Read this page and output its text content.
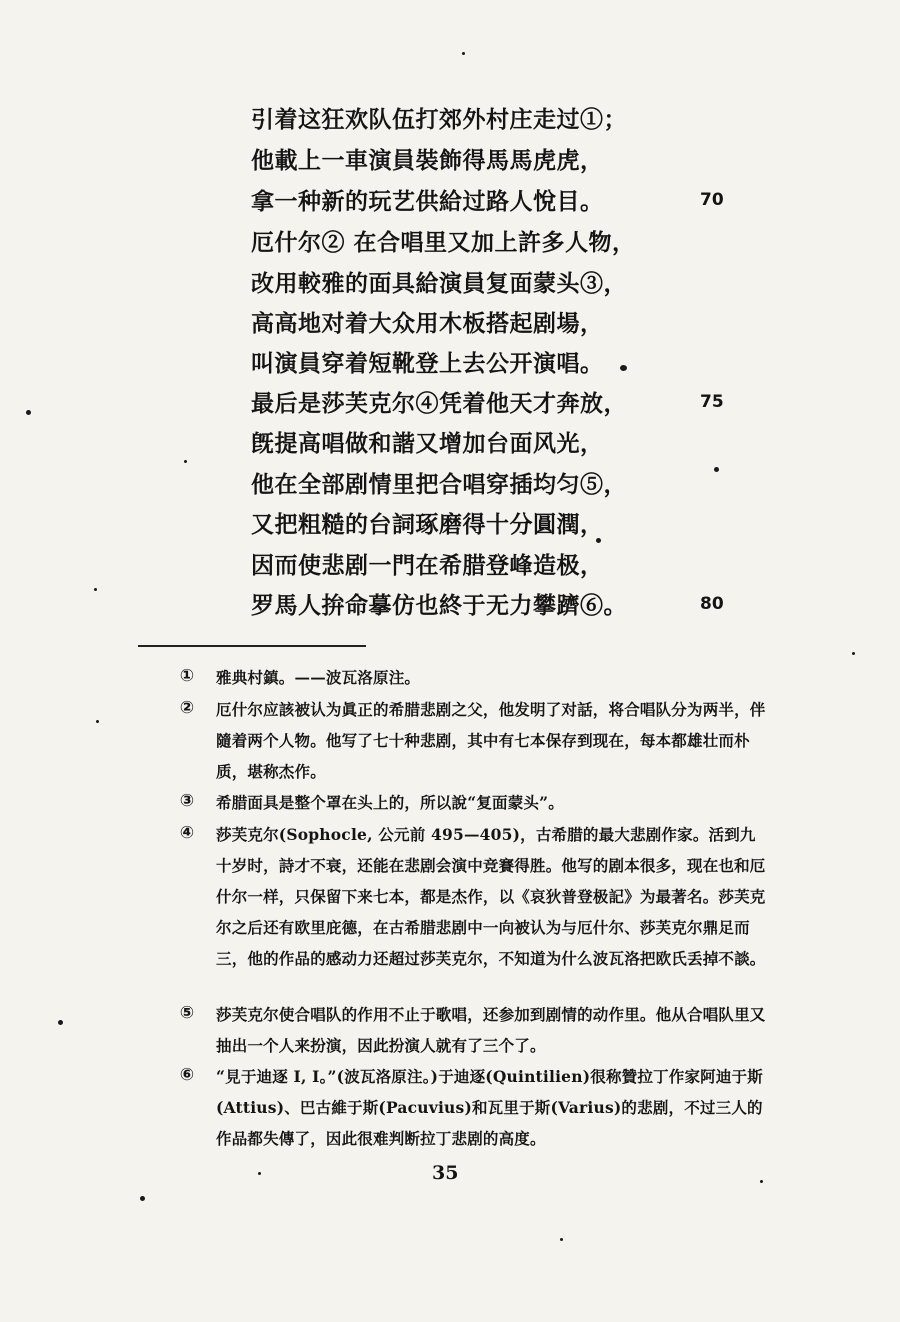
引着这狂欢队伍打郊外村庄走过①；
他載上一車演員裝飾得馬馬虎虎，
拿一种新的玩艺供給过路人悅目。
厄什尔② 在合唱里又加上許多人物，
改用較雅的面具給演員复面蒙头③，
高高地对着大众用木板搭起剧場，
叫演員穿着短靴登上去公开演唱。
最后是莎芙克尔④凭着他天才奔放，
旣提高唱做和諧又增加台面风光，
他在全部剧情里把合唱穿插均匀⑤，
又把粗糙的台詞琢磨得十分圓潤，
因而使悲剧一門在希腊登峰造极，
罗馬人拚命摹仿也終于无力攀躋⑥。
70
75
80
① 雅典村鎮。——波瓦洛原注。
② 厄什尔应該被认为眞正的希腊悲剧之父，他发明了对話，将合唱队分为两半，伴隨着两个人物。他写了七十种悲剧，其中有七本保存到现在，每本都雄壮而朴质，堪称杰作。
③ 希腊面具是整个罩在头上的，所以說“复面蒙头”。
④ 莎芙克尔(Sophocle, 公元前 495—405)，古希腊的最大悲剧作家。活到九十岁时，詩才不衰，还能在悲剧会演中竞賽得胜。他写的剧本很多，现在也和厄什尔一样，只保留下来七本，都是杰作，以《哀狄普登极記》为最著名。莎芙克尔之后还有欧里庇德，在古希腊悲剧中一向被认为与厄什尔、莎芙克尔鼎足而三，他的作品的感动力还超过莎芙克尔，不知道为什么波瓦洛把欧氏丢掉不談。
⑤ 莎芙克尔使合唱队的作用不止于歌唱，还参加到剧情的动作里。他从合唱队里又抽出一个人来扮演，因此扮演人就有了三个了。
⑥ “見于迪逐 I, I。”(波瓦洛原注。)于迪逐(Quintilien)很称贊拉丁作家阿迪于斯(Attius)、巴古維于斯(Pacuvius)和瓦里于斯(Varius)的悲剧，不过三人的作品都失傳了，因此很难判断拉丁悲剧的高度。
35
